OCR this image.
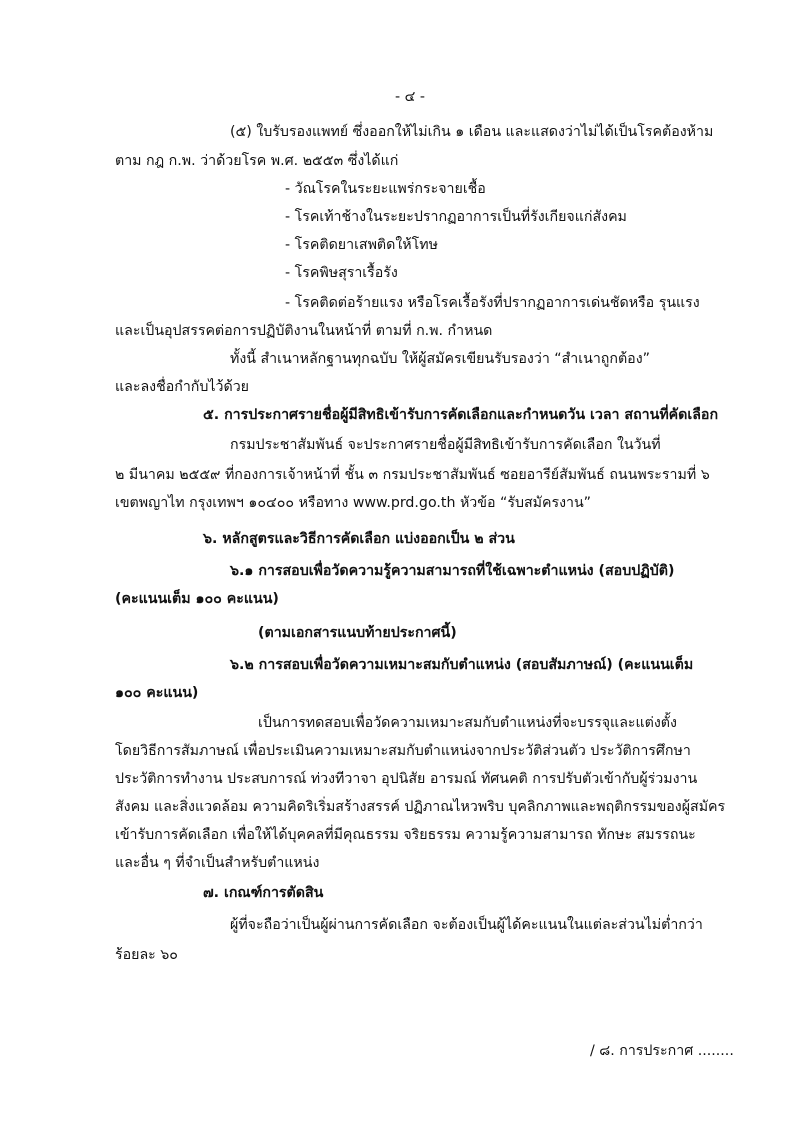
- ๔ -
(๕) ใบรับรองแพทย์ ซึ่งออกให้ไม่เกิน ๑ เดือน และแสดงว่าไม่ได้เป็นโรคต้องห้าม
ตาม กฎ ก.พ. ว่าด้วยโรค พ.ศ. ๒๕๕๓ ซึ่งได้แก่
- วัณโรคในระยะแพร่กระจายเชื้อ
- โรคเท้าช้างในระยะปรากฏอาการเป็นที่รังเกียจแก่สังคม
- โรคติดยาเสพติดให้โทษ
- โรคพิษสุราเรื้อรัง
- โรคติดต่อร้ายแรง หรือโรคเรื้อรังที่ปรากฏอาการเด่นชัดหรือ รุนแรง
และเป็นอุปสรรคต่อการปฏิบัติงานในหน้าที่ ตามที่ ก.พ. กำหนด
ทั้งนี้ สำเนาหลักฐานทุกฉบับ ให้ผู้สมัครเขียนรับรองว่า “สำเนาถูกต้อง”
และลงชื่อกำกับไว้ด้วย
๕. การประกาศรายชื่อผู้มีสิทธิเข้ารับการคัดเลือกและกำหนดวัน เวลา สถานที่คัดเลือก
กรมประชาสัมพันธ์ จะประกาศรายชื่อผู้มีสิทธิเข้ารับการคัดเลือก ในวันที่
๒ มีนาคม ๒๕๕๙ ที่กองการเจ้าหน้าที่ ชั้น ๓ กรมประชาสัมพันธ์ ซอยอารีย์สัมพันธ์ ถนนพระรามที่ ๖
เขตพญาไท กรุงเทพฯ ๑๐๔๐๐ หรือทาง www.prd.go.th หัวข้อ “รับสมัครงาน”
๖. หลักสูตรและวิธีการคัดเลือก แบ่งออกเป็น ๒ ส่วน
๖.๑ การสอบเพื่อวัดความรู้ความสามารถที่ใช้เฉพาะตำแหน่ง (สอบปฏิบัติ)
(คะแนนเต็ม ๑๐๐ คะแนน)
(ตามเอกสารแนบท้ายประกาศนี้)
๖.๒ การสอบเพื่อวัดความเหมาะสมกับตำแหน่ง (สอบสัมภาษณ์) (คะแนนเต็ม
๑๐๐ คะแนน)
เป็นการทดสอบเพื่อวัดความเหมาะสมกับตำแหน่งที่จะบรรจุและแต่งตั้ง
โดยวิธีการสัมภาษณ์ เพื่อประเมินความเหมาะสมกับตำแหน่งจากประวัติส่วนตัว ประวัติการศึกษา
ประวัติการทำงาน ประสบการณ์ ท่วงทีวาจา อุปนิสัย อารมณ์ ทัศนคติ การปรับตัวเข้ากับผู้ร่วมงาน
สังคม และสิ่งแวดล้อม ความคิดริเริ่มสร้างสรรค์ ปฏิภาณไหวพริบ บุคลิกภาพและพฤติกรรมของผู้สมัคร
เข้ารับการคัดเลือก เพื่อให้ได้บุคคลที่มีคุณธรรม จริยธรรม ความรู้ความสามารถ ทักษะ สมรรถนะ
และอื่น ๆ ที่จำเป็นสำหรับตำแหน่ง
๗. เกณฑ์การตัดสิน
ผู้ที่จะถือว่าเป็นผู้ผ่านการคัดเลือก จะต้องเป็นผู้ได้คะแนนในแต่ละส่วนไม่ต่ำกว่า
ร้อยละ ๖๐
/ ๘. การประกาศ ........
